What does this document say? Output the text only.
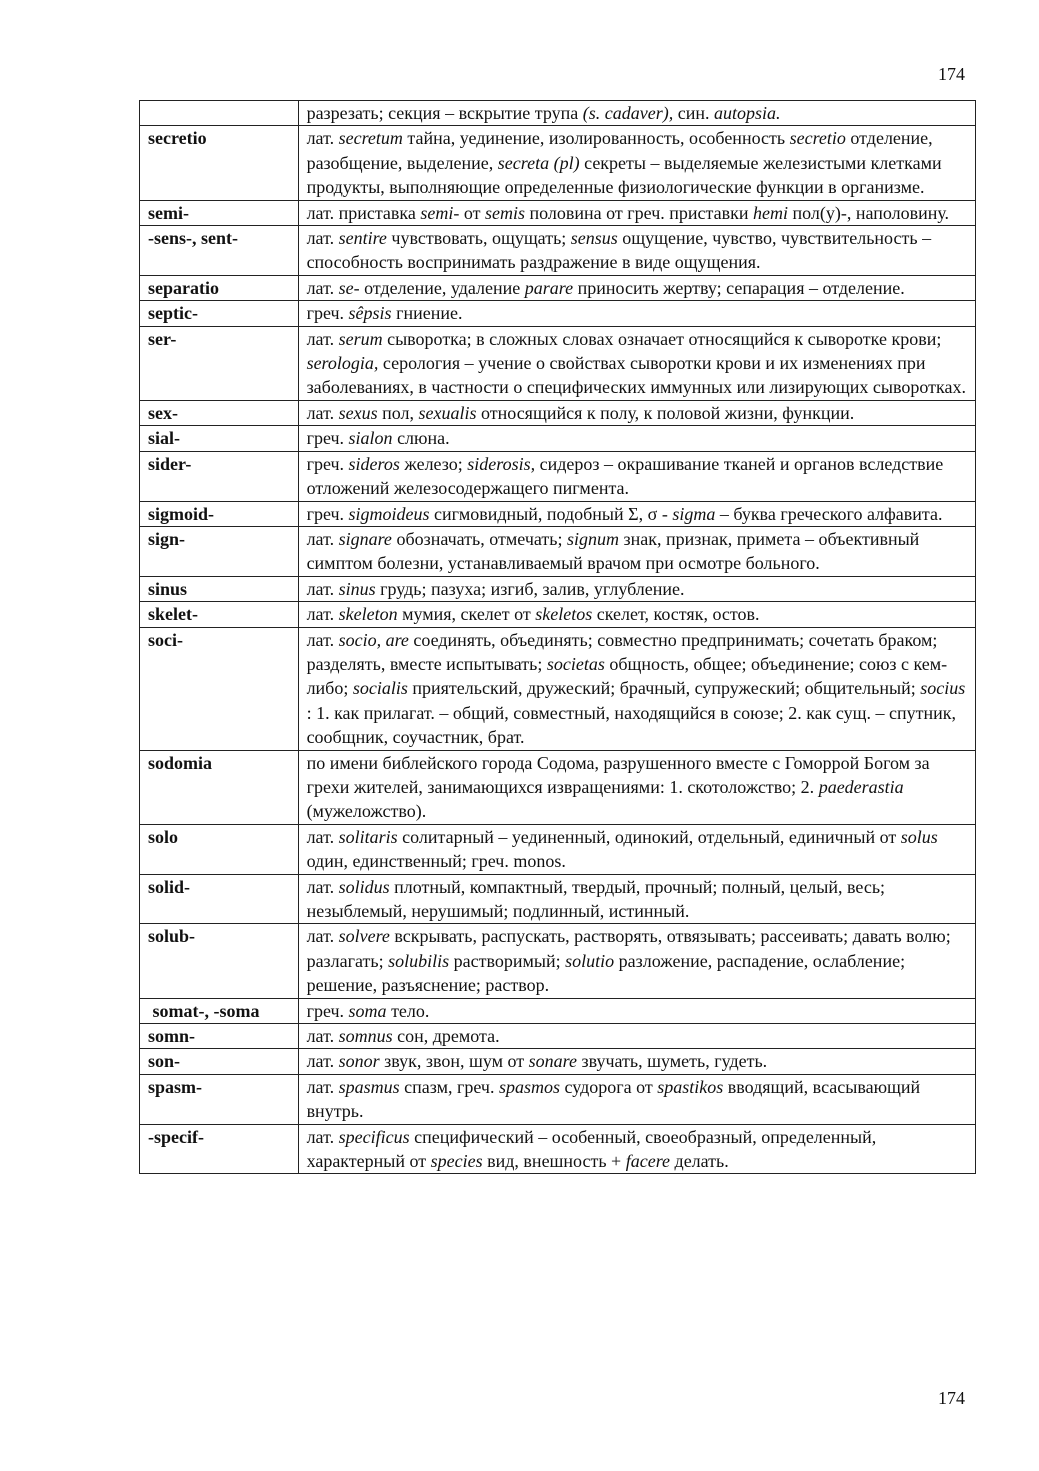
174
	разрезать; секция – вскрытие трупа (s. cadaver), син. autopsia.
secretio	лат. secretum тайна, уединение, изолированность, особенность secretio отделение, разобщение, выделение, secreta (pl) секреты – выделяемые железистыми клетками продукты, выполняющие определенные физиологические функции в организме.
semi-	лат. приставка semi- от semis половина от греч. приставки hemi пол(у)-, наполовину.
-sens-, sent-	лат. sentire чувствовать, ощущать; sensus ощущение, чувство, чувствительность – способность воспринимать раздражение в виде ощущения.
separatio	лат. se- отделение, удаление parare приносить жертву; сепарация – отделение.
septic-	греч. sêpsis гниение.
ser-	лат. serum сыворотка; в сложных словах означает относящийся к сыворотке крови; serologia, серология – учение о свойствах сыворотки крови и их изменениях при заболеваниях, в частности о специфических иммунных или лизирующих сыворотках.
sex-	лат. sexus пол, sexualis относящийся к полу, к половой жизни, функции.
sial-	греч. sialon слюна.
sider-	греч. sideros железо; siderosis, сидероз – окрашивание тканей и органов вследствие отложений железосодержащего пигмента.
sigmoid-	греч. sigmoideus сигмовидный, подобный Σ, σ - sigma – буква греческого алфавита.
sign-	лат. signare обозначать, отмечать; signum знак, признак, примета – объективный симптом болезни, устанавливаемый врачом при осмотре больного.
sinus	лат. sinus грудь; пазуха; изгиб, залив, углубление.
skelet-	лат. skeleton мумия, скелет от skeletos скелет, костяк, остов.
soci-	лат. socio, are соединять, объединять; совместно предпринимать; сочетать браком; разделять, вместе испытывать; societas общность, общее; объединение; союз с кем-либо; socialis приятельский, дружеский; брачный, супружеский; общительный; socius : 1. как прилагат. – общий, совместный, находящийся в союзе; 2. как сущ. – спутник, сообщник, соучастник, брат.
sodomia	по имени библейского города Содома, разрушенного вместе с Гоморрой Богом за грехи жителей, занимающихся извращениями: 1. скотоложство; 2. paederastia (мужеложство).
solo	лат. solitaris солитарный – уединенный, одинокий, отдельный, единичный от solus один, единственный; греч. monos.
solid-	лат. solidus плотный, компактный, твердый, прочный; полный, целый, весь; незыблемый, нерушимый; подлинный, истинный.
solub-	лат. solvere вскрывать, распускать, растворять, отвязывать; рассеивать; давать волю; разлагать; solubilis растворимый; solutio разложение, распадение, ослабление; решение, разъяснение; раствор.
somat-, -soma	греч. soma тело.
somn-	лат. somnus сон, дремота.
son-	лат. sonor звук, звон, шум от sonare звучать, шуметь, гудеть.
spasm-	лат. spasmus спазм, греч. spasmos судорога от spastikos вводящий, всасывающий внутрь.
-specif-	лат. specificus специфический – особенный, своеобразный, определенный, характерный от species вид, внешность + facere делать.
174
